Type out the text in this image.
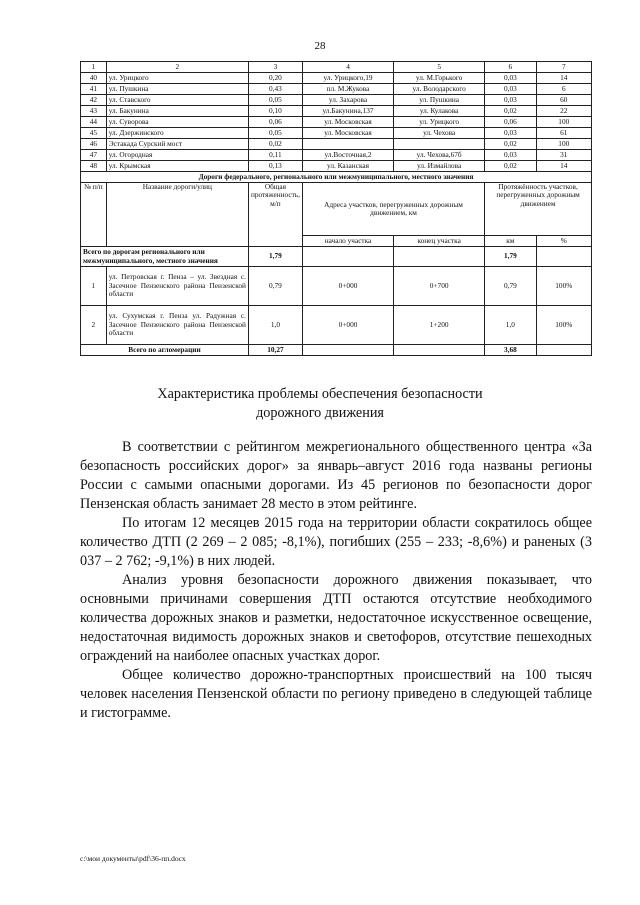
28
1	2	3	4	5	6	7
40	ул. Урицкого	0,20	ул. Урицкого,19	ул. М.Горького	0,03	14
41	ул. Пушкина	0,43	пл. М.Жукова	ул. Володарского	0,03	6
42	ул. Ставского	0,05	ул. Захарова	ул. Пушкина	0,03	60
43	ул. Бакунина	0,10	ул.Бакунина,137	ул. Кулакова	0,02	22
44	ул. Суворова	0,06	ул. Московская	ул. Урицкого	0,06	100
45	ул. Дзержинского	0,05	ул. Московская	ул. Чехова	0,03	61
46	Эстакада Сурский мост	0,02			0,02	100
47	ул. Огородная	0,11	ул.Восточная,2	ул. Чехова,67б	0,03	31
48	ул. Крымская	0,13	ул. Казанская	ул. Измайлова	0,02	14
Дороги федерального, регионального или межмуниципального, местного значения						
№ п/п	Название дороги/улиц	Общая протяженность, м/п	Адреса участков, перегруженных дорожным движением, км		Протяжённость участков, перегруженных дорожным движением	
			начало участка	конец участка	км	%
Всего по дорогам регионального или межмуниципального, местного значения		1,79			1,79	
1	ул. Петровская г. Пенза – ул. Звездная с. Засечное Пензенского района Пензенской области	0,79	0+000	0+700	0,79	100%
2	ул. Сухумская г. Пенза ул. Радужная с. Засечное Пензенского района Пензенской области	1,0	0+000	1+200	1,0	100%
Всего по агломерации		10,27			3,68	
Характеристика проблемы обеспечения безопасности
дорожного движения
В соответствии с рейтингом межрегионального общественного центра «За безопасность российских дорог» за январь–август 2016 года названы регионы России с самыми опасными дорогами. Из 45 регионов по безопасности дорог Пензенская область занимает 28 место в этом рейтинге.
По итогам 12 месяцев 2015 года на территории области сократилось общее количество ДТП (2 269 – 2 085; -8,1%), погибших (255 – 233; -8,6%) и раненых (3 037 – 2 762; -9,1%) в них людей.
Анализ уровня безопасности дорожного движения показывает, что основными причинами совершения ДТП остаются отсутствие необходимого количества дорожных знаков и разметки, недостаточное искусственное освещение, недостаточная видимость дорожных знаков и светофоров, отсутствие пешеходных ограждений на наиболее опасных участках дорог.
Общее количество дорожно-транспортных происшествий на 100 тысяч человек населения Пензенской области по региону приведено в следующей таблице и гистограмме.
c:\мои документы\pdf\36-пп.docx
